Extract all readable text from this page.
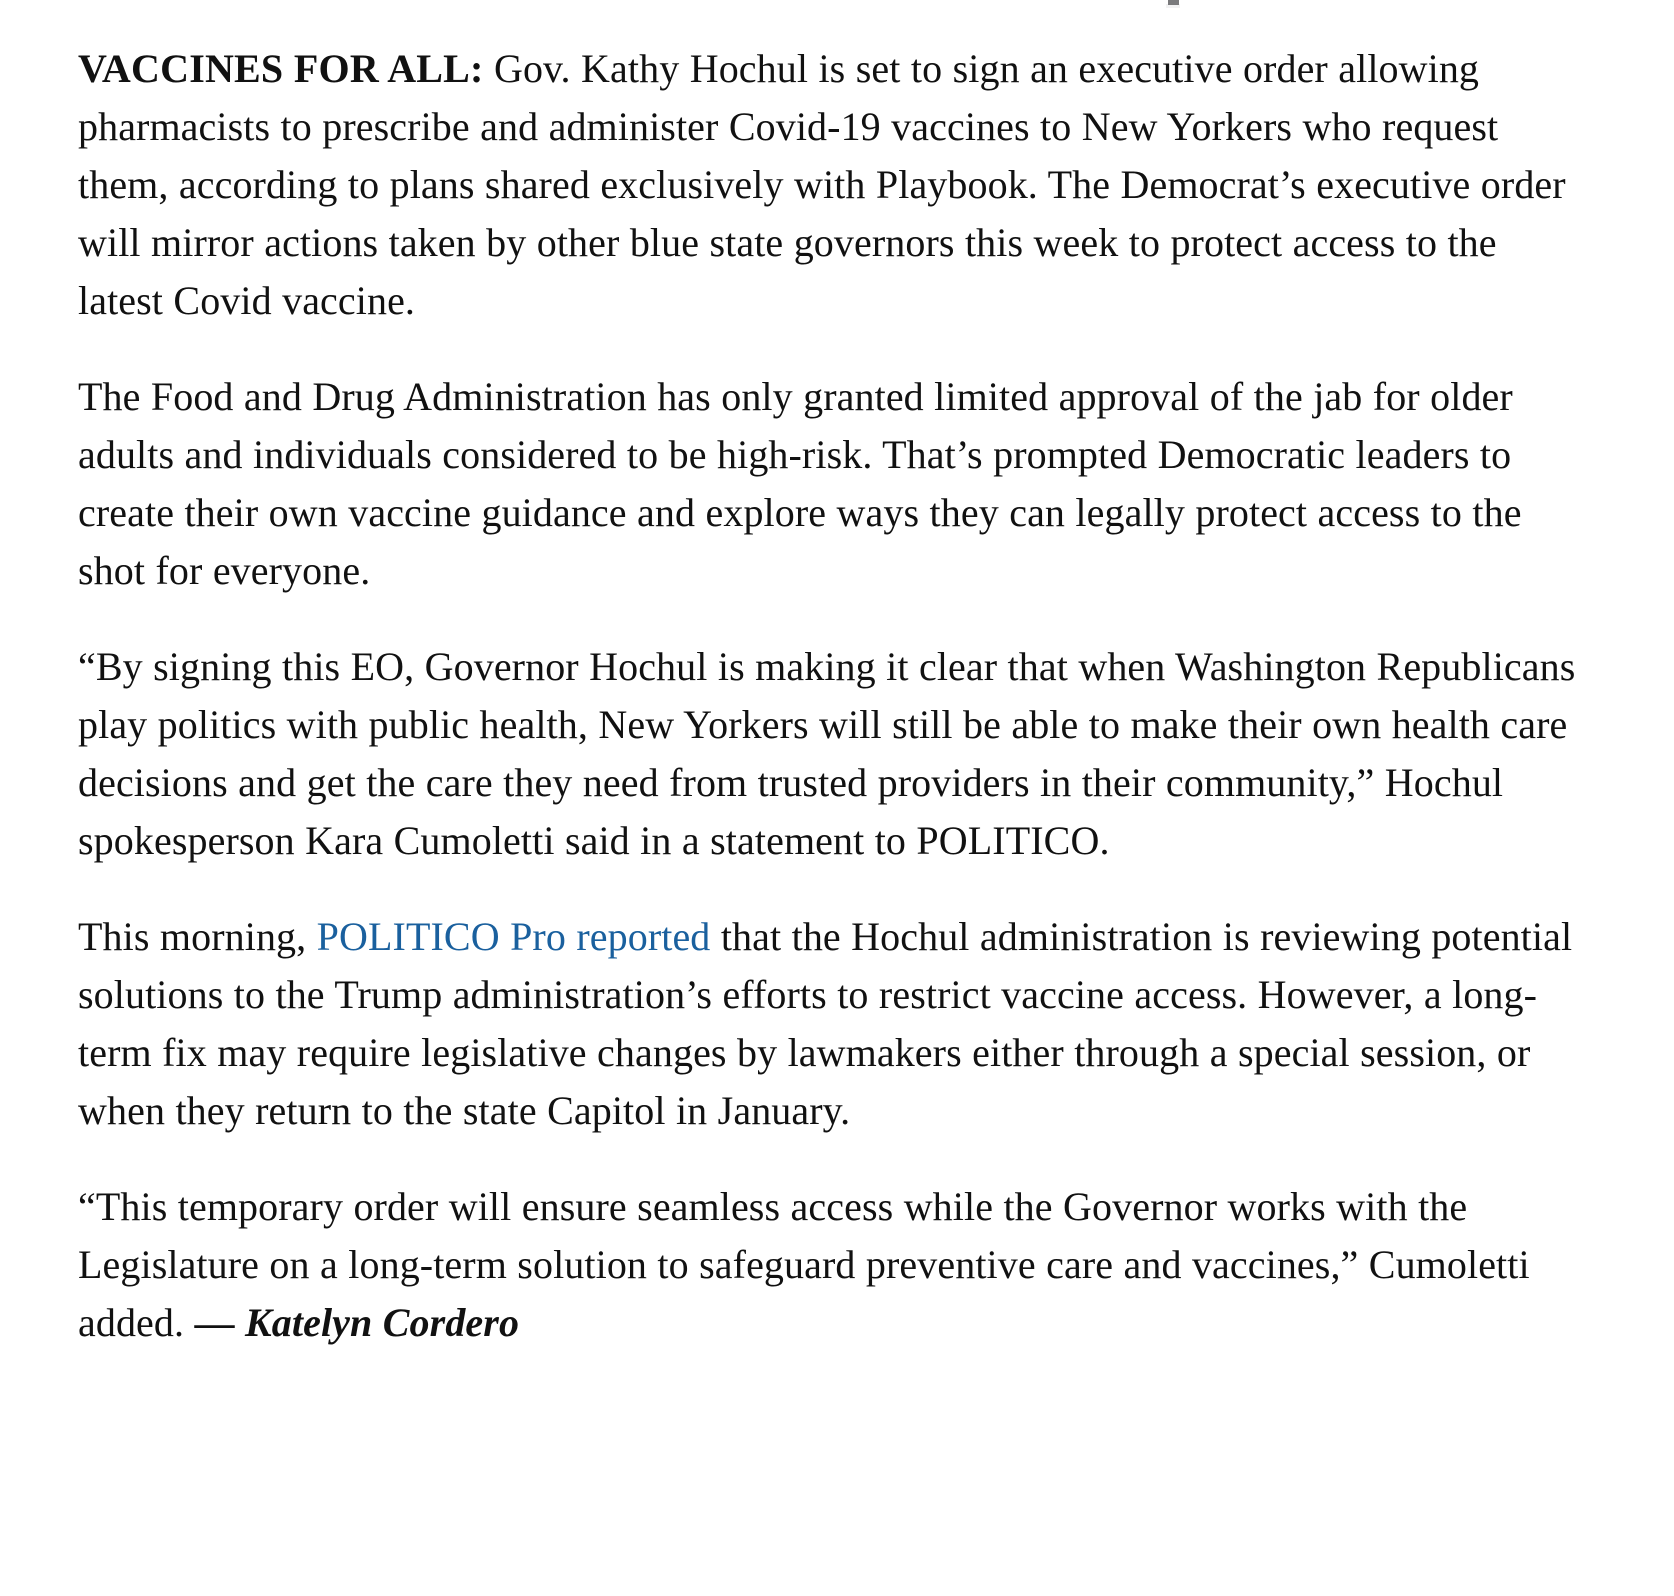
VACCINES FOR ALL: Gov. Kathy Hochul is set to sign an executive order allowing pharmacists to prescribe and administer Covid-19 vaccines to New Yorkers who request them, according to plans shared exclusively with Playbook. The Democrat’s executive order will mirror actions taken by other blue state governors this week to protect access to the latest Covid vaccine.

The Food and Drug Administration has only granted limited approval of the jab for older adults and individuals considered to be high-risk. That’s prompted Democratic leaders to create their own vaccine guidance and explore ways they can legally protect access to the shot for everyone.

“By signing this EO, Governor Hochul is making it clear that when Washington Republicans play politics with public health, New Yorkers will still be able to make their own health care decisions and get the care they need from trusted providers in their community,” Hochul spokesperson Kara Cumoletti said in a statement to POLITICO.

This morning, POLITICO Pro reported that the Hochul administration is reviewing potential solutions to the Trump administration’s efforts to restrict vaccine access. However, a long-term fix may require legislative changes by lawmakers either through a special session, or when they return to the state Capitol in January.

“This temporary order will ensure seamless access while the Governor works with the Legislature on a long-term solution to safeguard preventive care and vaccines,” Cumoletti added. — Katelyn Cordero
